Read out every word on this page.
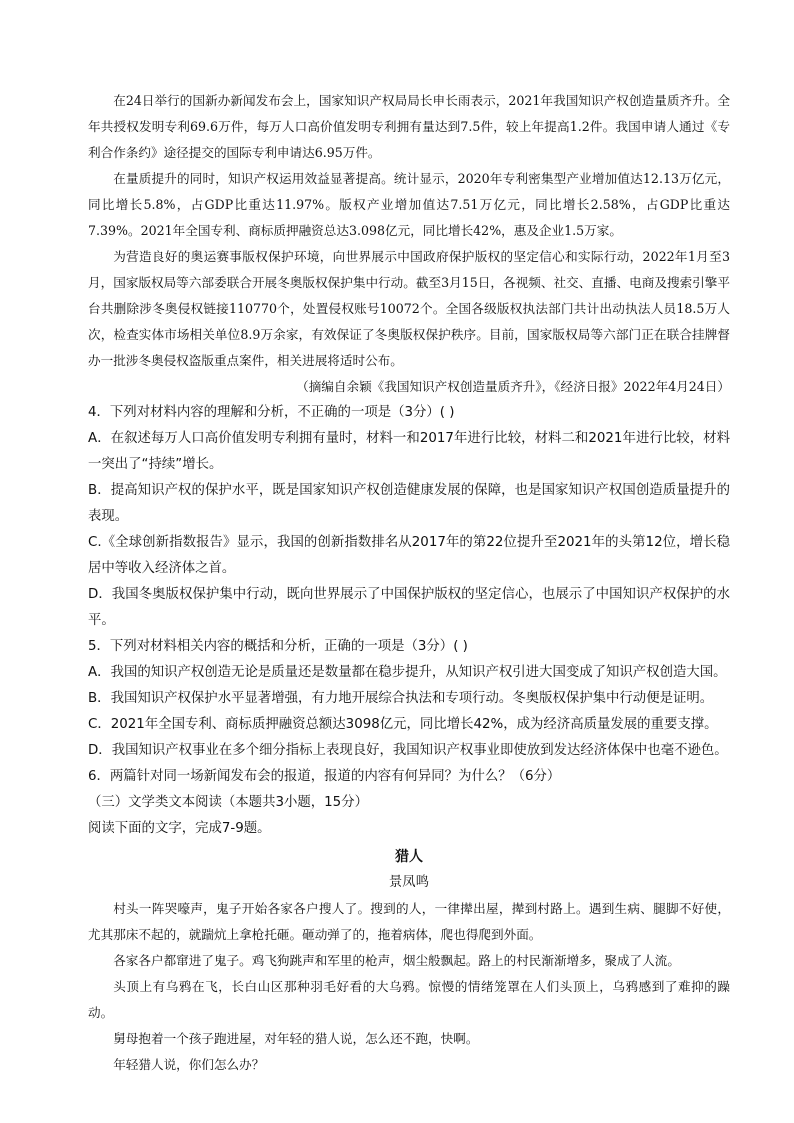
在24日举行的国新办新闻发布会上，国家知识产权局局长申长雨表示，2021年我国知识产权创造量质齐升。全年共授权发明专利69.6万件，每万人口高价值发明专利拥有量达到7.5件，较上年提高1.2件。我国申请人通过《专利合作条约》途径提交的国际专利申请达6.95万件。

在量质提升的同时，知识产权运用效益显著提高。统计显示，2020年专利密集型产业增加值达12.13万亿元，同比增长5.8%，占GDP比重达11.97%。版权产业增加值达7.51万亿元，同比增长2.58%，占GDP比重达7.39%。2021年全国专利、商标质押融资总达3.098亿元，同比增长42%，惠及企业1.5万家。

为营造良好的奥运赛事版权保护环境，向世界展示中国政府保护版权的坚定信心和实际行动，2022年1月至3月，国家版权局等六部委联合开展冬奥版权保护集中行动。截至3月15日，各视频、社交、直播、电商及搜索引擎平台共删除涉冬奥侵权链接110770个，处置侵权账号10072个。全国各级版权执法部门共计出动执法人员18.5万人次，检查实体市场相关单位8.9万余家，有效保证了冬奥版权保护秩序。目前，国家版权局等六部门正在联合挂牌督办一批涉冬奥侵权盗版重点案件，相关进展将适时公布。

（摘编自余颖《我国知识产权创造量质齐升》，《经济日报》2022年4月24日）

4．下列对材料内容的理解和分析，不正确的一项是（3分）( )

A．在叙述每万人口高价值发明专利拥有量时，材料一和2017年进行比较，材料二和2021年进行比较，材料一突出了“持续”增长。

B．提高知识产权的保护水平，既是国家知识产权创造健康发展的保障，也是国家知识产权国创造质量提升的表现。

C.《全球创新指数报告》显示，我国的创新指数排名从2017年的第22位提升至2021年的头第12位，增长稳居中等收入经济体之首。

D．我国冬奥版权保护集中行动，既向世界展示了中国保护版权的坚定信心，也展示了中国知识产权保护的水平。

5．下列对材料相关内容的概括和分析，正确的一项是（3分）( )

A．我国的知识产权创造无论是质量还是数量都在稳步提升，从知识产权引进大国变成了知识产权创造大国。

B．我国知识产权保护水平显著增强，有力地开展综合执法和专项行动。冬奥版权保护集中行动便是证明。

C．2021年全国专利、商标质押融资总额达3098亿元，同比增长42%，成为经济高质量发展的重要支撑。

D．我国知识产权事业在多个细分指标上表现良好，我国知识产权事业即使放到发达经济体保中也毫不逊色。

6．两篇针对同一场新闻发布会的报道，报道的内容有何异同？为什么？（6分）

（三）文学类文本阅读（本题共3小题，15分）

阅读下面的文字，完成7-9题。

猎人

景凤鸣

村头一阵哭嚎声，鬼子开始各家各户搜人了。搜到的人，一律撵出屋，撵到村路上。遇到生病、腿脚不好使，尤其那床不起的，就踹炕上拿枪托砸。砸动弹了的，拖着病体，爬也得爬到外面。

各家各户都窜进了鬼子。鸡飞狗跳声和军里的枪声，烟尘般飘起。路上的村民渐渐增多，聚成了人流。

头顶上有乌鸦在飞，长白山区那种羽毛好看的大乌鸦。惊慢的情绪笼罩在人们头顶上，乌鸦感到了难抑的躁动。

舅母抱着一个孩子跑进屋，对年轻的猎人说，怎么还不跑，快啊。

年轻猎人说，你们怎么办？
